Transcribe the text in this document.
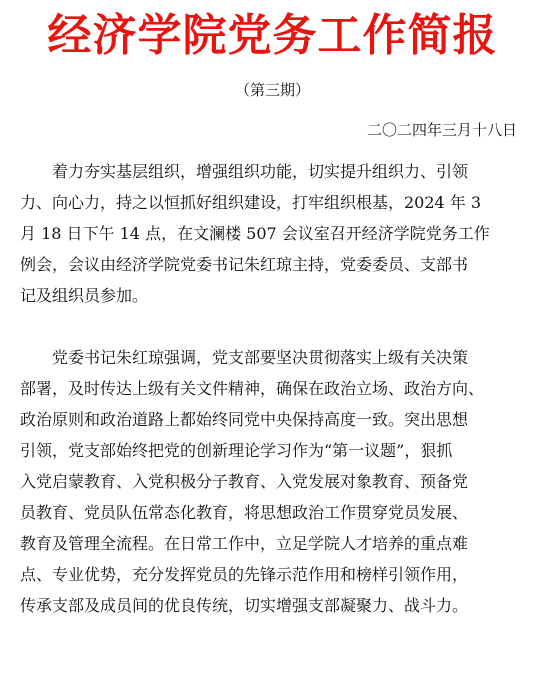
经济学院党务工作简报
（第三期）
二〇二四年三月十八日
着力夯实基层组织，增强组织功能，切实提升组织力、引领
力、向心力，持之以恒抓好组织建设，打牢组织根基，2024 年 3
月 18 日下午 14 点，在文澜楼 507 会议室召开经济学院党务工作
例会，会议由经济学院党委书记朱红琼主持，党委委员、支部书
记及组织员参加。
党委书记朱红琼强调，党支部要坚决贯彻落实上级有关决策
部署，及时传达上级有关文件精神，确保在政治立场、政治方向、
政治原则和政治道路上都始终同党中央保持高度一致。突出思想
引领，党支部始终把党的创新理论学习作为“第一议题”，狠抓
入党启蒙教育、入党积极分子教育、入党发展对象教育、预备党
员教育、党员队伍常态化教育，将思想政治工作贯穿党员发展、
教育及管理全流程。在日常工作中，立足学院人才培养的重点难
点、专业优势，充分发挥党员的先锋示范作用和榜样引领作用，
传承支部及成员间的优良传统，切实增强支部凝聚力、战斗力。
